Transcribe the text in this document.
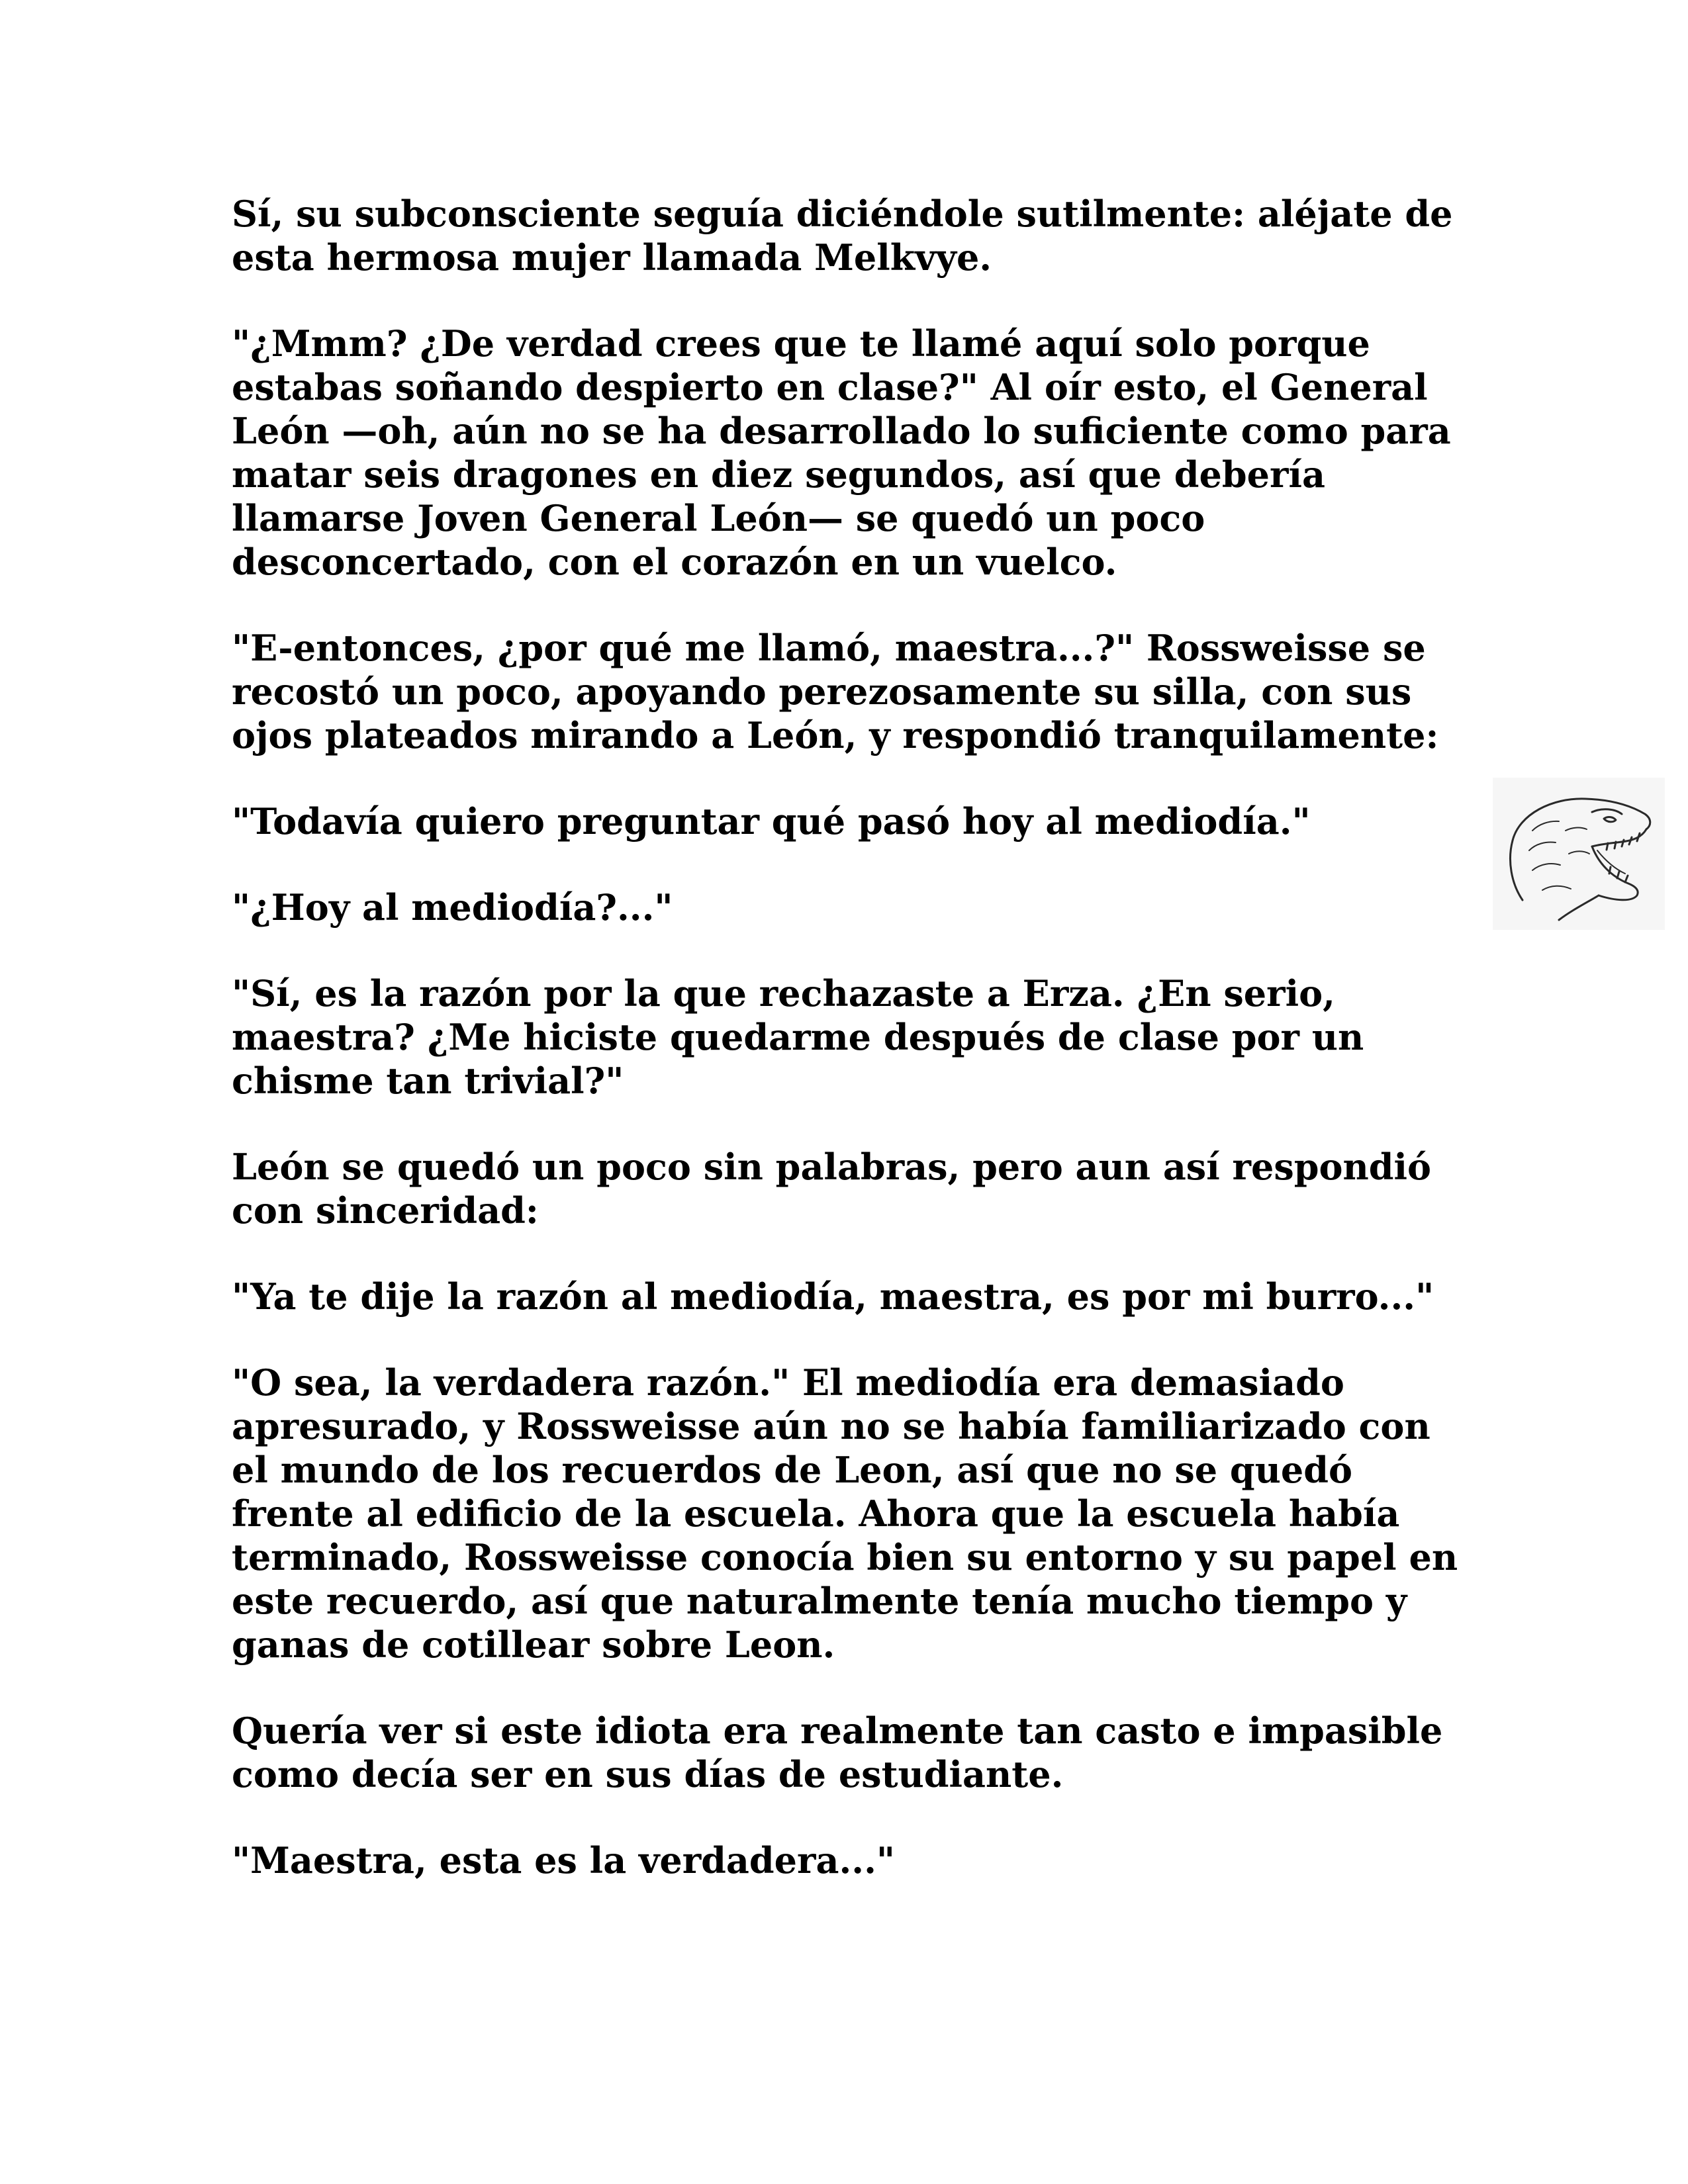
Sí, su subconsciente seguía diciéndole sutilmente: aléjate de esta hermosa mujer llamada Melkvye.

"¿Mmm? ¿De verdad crees que te llamé aquí solo porque estabas soñando despierto en clase?" Al oír esto, el General León —oh, aún no se ha desarrollado lo suficiente como para matar seis dragones en diez segundos, así que debería llamarse Joven General León— se quedó un poco desconcertado, con el corazón en un vuelco.

"E-entonces, ¿por qué me llamó, maestra...?" Rossweisse se recostó un poco, apoyando perezosamente su silla, con sus ojos plateados mirando a León, y respondió tranquilamente:

"Todavía quiero preguntar qué pasó hoy al mediodía."

"¿Hoy al mediodía?..."

"Sí, es la razón por la que rechazaste a Erza. ¿En serio, maestra? ¿Me hiciste quedarme después de clase por un chisme tan trivial?"

León se quedó un poco sin palabras, pero aun así respondió con sinceridad:

"Ya te dije la razón al mediodía, maestra, es por mi burro..."

"O sea, la verdadera razón." El mediodía era demasiado apresurado, y Rossweisse aún no se había familiarizado con el mundo de los recuerdos de Leon, así que no se quedó frente al edificio de la escuela. Ahora que la escuela había terminado, Rossweisse conocía bien su entorno y su papel en este recuerdo, así que naturalmente tenía mucho tiempo y ganas de cotillear sobre Leon.

Quería ver si este idiota era realmente tan casto e impasible como decía ser en sus días de estudiante.

"Maestra, esta es la verdadera..."
